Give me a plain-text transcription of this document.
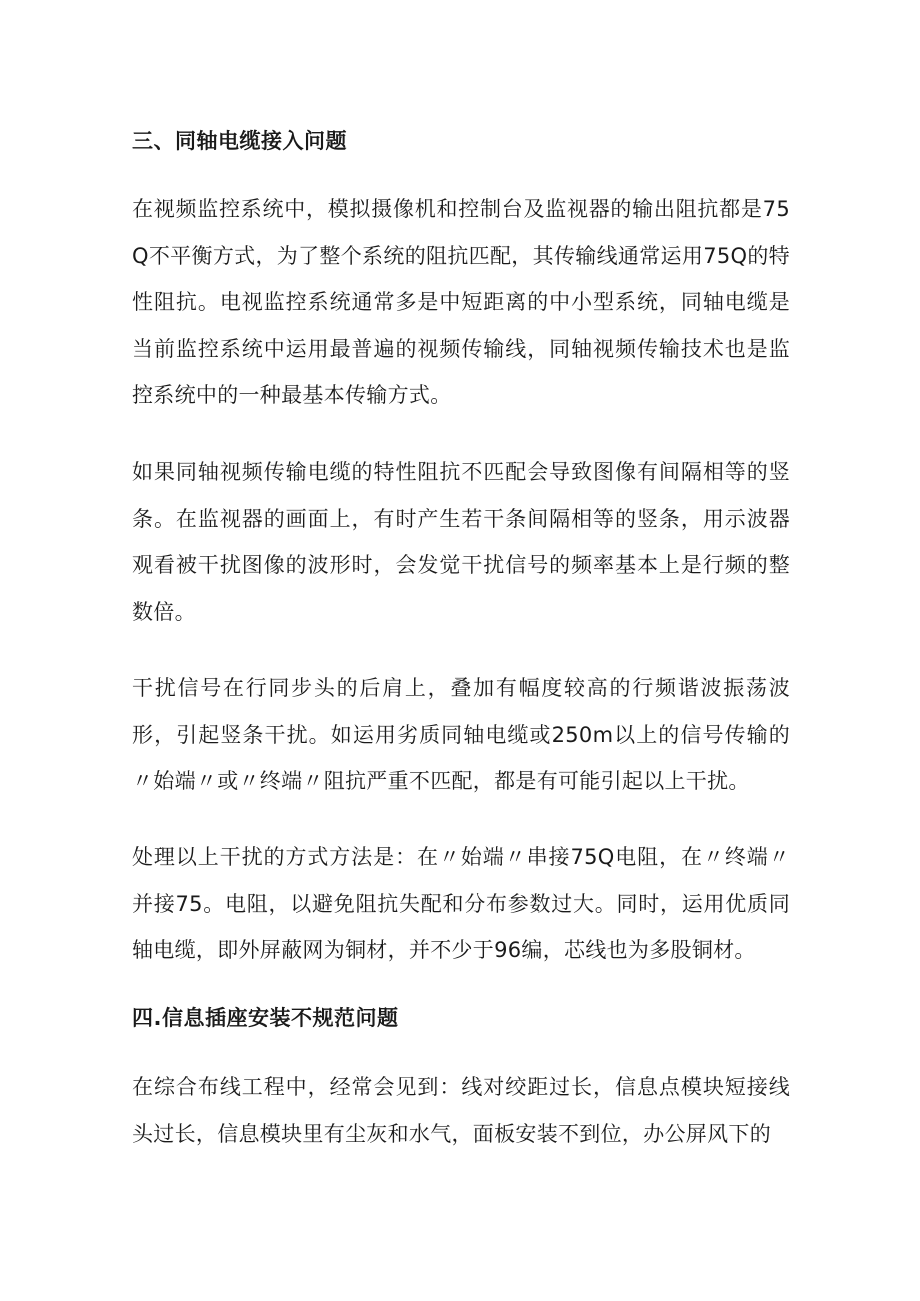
三、同轴电缆接入问题

在视频监控系统中，模拟摄像机和控制台及监视器的输出阻抗都是75Q不平衡方式，为了整个系统的阻抗匹配，其传输线通常运用75Q的特性阻抗。电视监控系统通常多是中短距离的中小型系统，同轴电缆是当前监控系统中运用最普遍的视频传输线，同轴视频传输技术也是监控系统中的一种最基本传输方式。

如果同轴视频传输电缆的特性阻抗不匹配会导致图像有间隔相等的竖条。在监视器的画面上，有时产生若干条间隔相等的竖条，用示波器观看被干扰图像的波形时，会发觉干扰信号的频率基本上是行频的整数倍。

干扰信号在行同步头的后肩上，叠加有幅度较高的行频谐波振荡波形，引起竖条干扰。如运用劣质同轴电缆或250m以上的信号传输的〃始端〃或〃终端〃阻抗严重不匹配，都是有可能引起以上干扰。

处理以上干扰的方式方法是：在〃始端〃串接75Q电阻，在〃终端〃并接75。电阻，以避免阻抗失配和分布参数过大。同时，运用优质同轴电缆，即外屏蔽网为铜材，并不少于96编，芯线也为多股铜材。

四.信息插座安装不规范问题

在综合布线工程中，经常会见到：线对绞距过长，信息点模块短接线头过长，信息模块里有尘灰和水气，面板安装不到位，办公屏风下的
